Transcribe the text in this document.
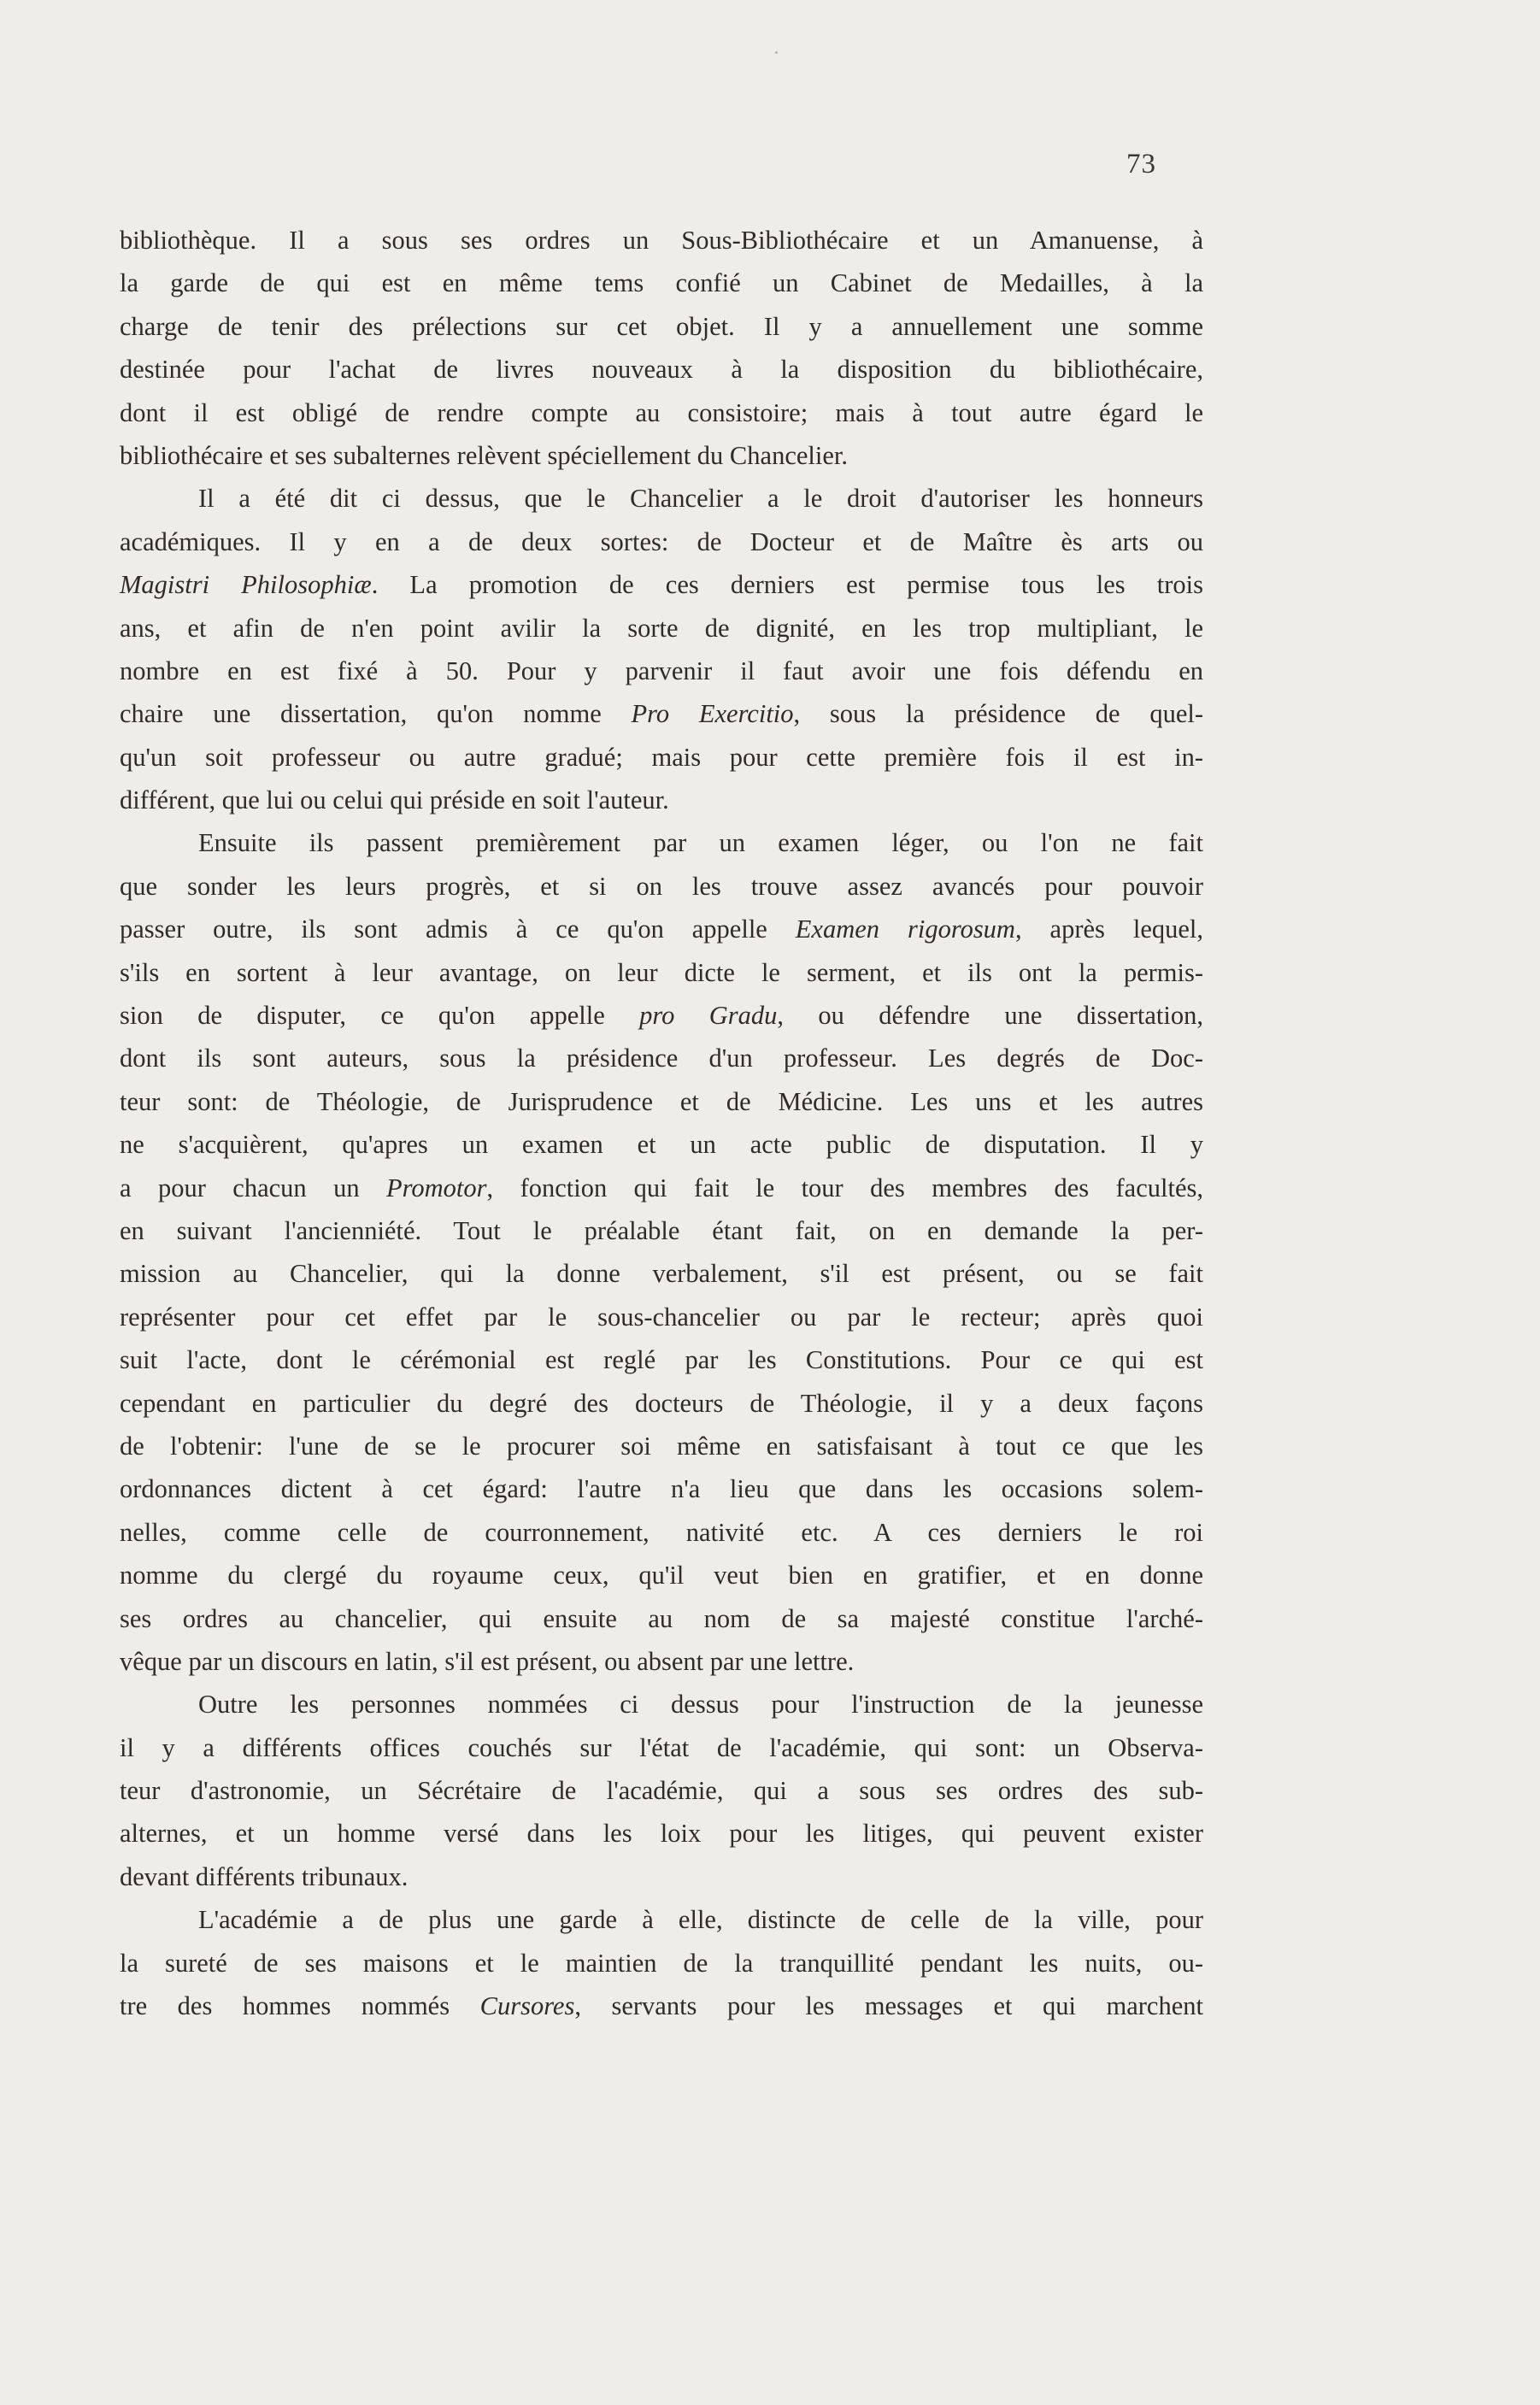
73
bibliothèque. Il a sous ses ordres un Sous-Bibliothécaire et un Amanuense, à
la garde de qui est en même tems confié un Cabinet de Medailles, à la
charge de tenir des prélections sur cet objet. Il y a annuellement une somme
destinée pour l'achat de livres nouveaux à la disposition du bibliothécaire,
dont il est obligé de rendre compte au consistoire; mais à tout autre égard le
bibliothécaire et ses subalternes relèvent spéciellement du Chancelier.
Il a été dit ci dessus, que le Chancelier a le droit d'autoriser les honneurs
académiques. Il y en a de deux sortes: de Docteur et de Maître ès arts ou
Magistri Philosophiæ. La promotion de ces derniers est permise tous les trois
ans, et afin de n'en point avilir la sorte de dignité, en les trop multipliant, le
nombre en est fixé à 50. Pour y parvenir il faut avoir une fois défendu en
chaire une dissertation, qu'on nomme Pro Exercitio, sous la présidence de quel-
qu'un soit professeur ou autre gradué; mais pour cette première fois il est in-
différent, que lui ou celui qui préside en soit l'auteur.
Ensuite ils passent premièrement par un examen léger, ou l'on ne fait
que sonder les leurs progrès, et si on les trouve assez avancés pour pouvoir
passer outre, ils sont admis à ce qu'on appelle Examen rigorosum, après lequel,
s'ils en sortent à leur avantage, on leur dicte le serment, et ils ont la permis-
sion de disputer, ce qu'on appelle pro Gradu, ou défendre une dissertation,
dont ils sont auteurs, sous la présidence d'un professeur. Les degrés de Doc-
teur sont: de Théologie, de Jurisprudence et de Médicine. Les uns et les autres
ne s'acquièrent, qu'apres un examen et un acte public de disputation. Il y
a pour chacun un Promotor, fonction qui fait le tour des membres des facultés,
en suivant l'ancienniété. Tout le préalable étant fait, on en demande la per-
mission au Chancelier, qui la donne verbalement, s'il est présent, ou se fait
représenter pour cet effet par le sous-chancelier ou par le recteur; après quoi
suit l'acte, dont le cérémonial est reglé par les Constitutions. Pour ce qui est
cependant en particulier du degré des docteurs de Théologie, il y a deux façons
de l'obtenir: l'une de se le procurer soi même en satisfaisant à tout ce que les
ordonnances dictent à cet égard: l'autre n'a lieu que dans les occasions solem-
nelles, comme celle de courronnement, nativité etc. A ces derniers le roi
nomme du clergé du royaume ceux, qu'il veut bien en gratifier, et en donne
ses ordres au chancelier, qui ensuite au nom de sa majesté constitue l'arché-
vêque par un discours en latin, s'il est présent, ou absent par une lettre.
Outre les personnes nommées ci dessus pour l'instruction de la jeunesse
il y a différents offices couchés sur l'état de l'académie, qui sont: un Observa-
teur d'astronomie, un Sécrétaire de l'académie, qui a sous ses ordres des sub-
alternes, et un homme versé dans les loix pour les litiges, qui peuvent exister
devant différents tribunaux.
L'académie a de plus une garde à elle, distincte de celle de la ville, pour
la sureté de ses maisons et le maintien de la tranquillité pendant les nuits, ou-
tre des hommes nommés Cursores, servants pour les messages et qui marchent
